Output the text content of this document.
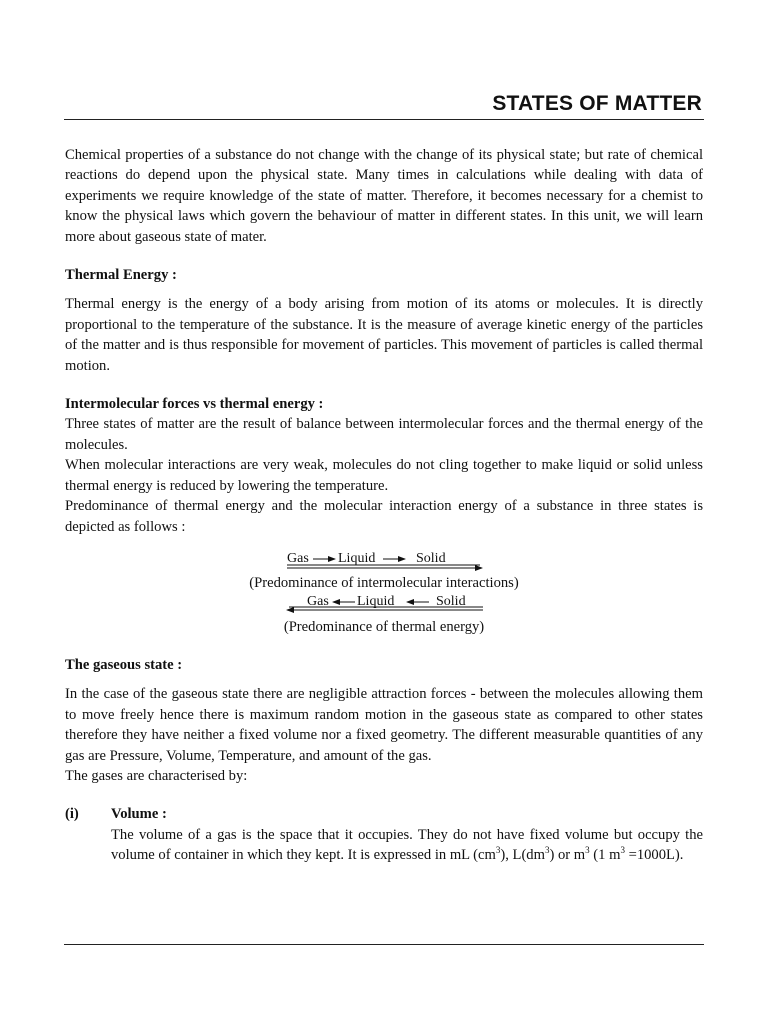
STATES OF MATTER

Chemical properties of a substance do not change with the change of its physical state; but rate of chemical reactions do depend upon the physical state. Many times in calculations while dealing with data of experiments we require knowledge of the state of matter. Therefore, it becomes necessary for a chemist to know the physical laws which govern the behaviour of matter in different states. In this unit, we will learn more about gaseous state of mater.

Thermal Energy :

Thermal energy is the energy of a body arising from motion of its atoms or molecules. It is directly proportional to the temperature of the substance. It is the measure of average kinetic energy of the particles of the matter and is thus responsible for movement of particles. This movement of particles is called thermal motion.

Intermolecular forces vs thermal energy :

Three states of matter are the result of balance between intermolecular forces and the thermal energy of the molecules.

When molecular interactions are very weak, molecules do not cling together to make liquid or solid unless thermal energy is reduced by lowering the temperature.

Predominance of thermal energy and the molecular interaction energy of a substance in three states is depicted as follows :

Gas Liquid	Solid
(Predominance of intermolecular interactions)
Gas Liquid	Solid
(Predominance of thermal energy)

The gaseous state :

In the case of the gaseous state there are negligible attraction forces - between the molecules allowing them to move freely hence there is maximum random motion in the gaseous state as compared to other states therefore they have neither a fixed volume nor a fixed geometry. The different measurable quantities of any gas are Pressure, Volume, Temperature, and amount of the gas.

The gases are characterised by:

(i)	Volume :

The volume of a gas is the space that it occupies. They do not have fixed volume but occupy the volume of container in which they kept. It is expressed in mL $(cm^3)$, $L(dm^3)$ or $m^3$ (1 $m^3 =1000L$).
